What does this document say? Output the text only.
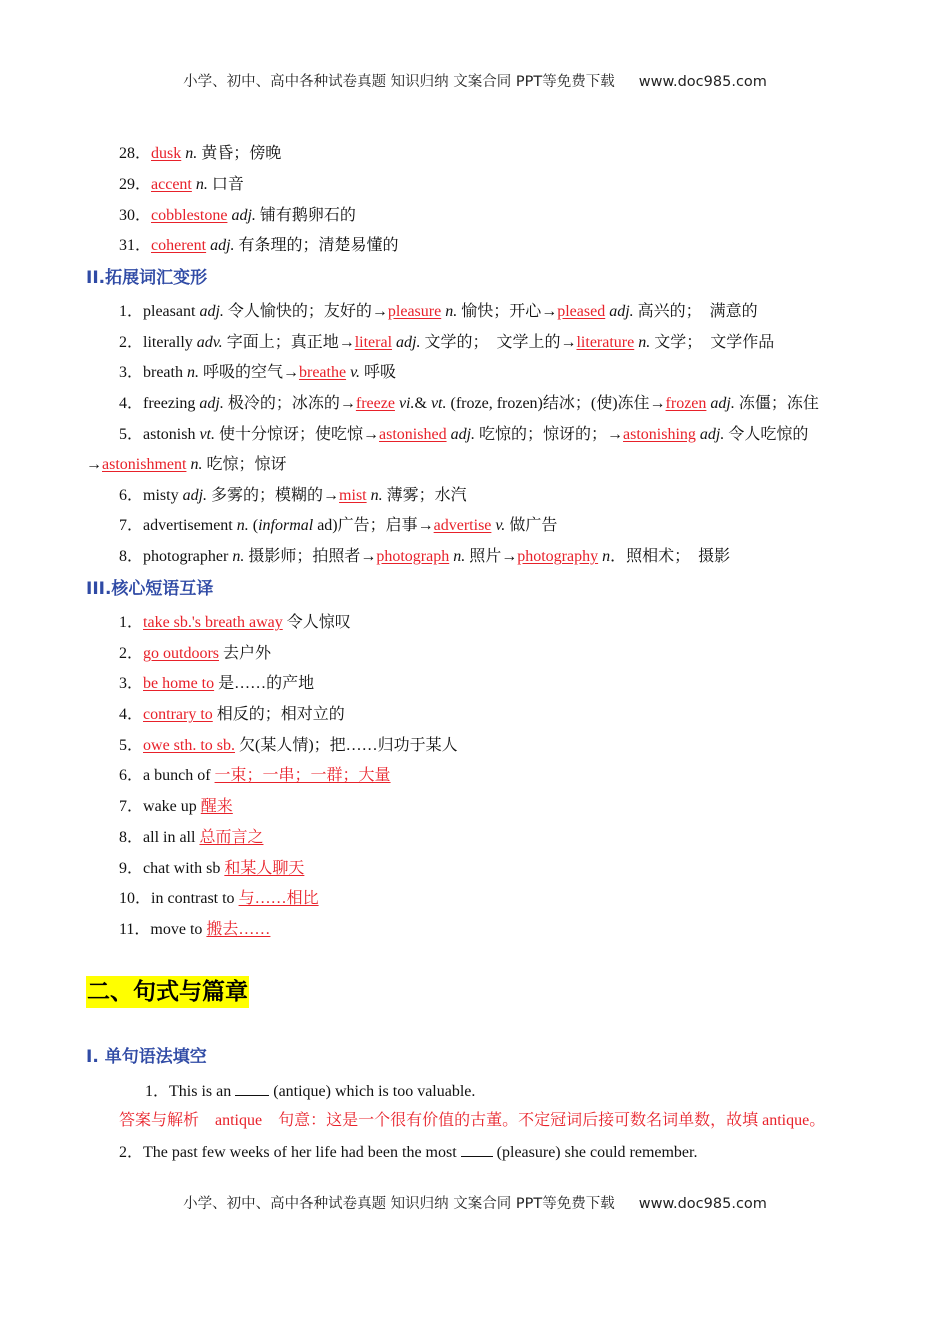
小学、初中、高中各种试卷真题 知识归纳 文案合同 PPT等免费下载 www.doc985.com
28．dusk n. 黄昏；傍晚
29．accent n. 口音
30．cobblestone adj. 铺有鹅卵石的
31．coherent adj. 有条理的；清楚易懂的
II.拓展词汇变形
1．pleasant adj. 令人愉快的；友好的→pleasure n. 愉快；开心→pleased adj. 高兴的；　满意的
2．literally adv. 字面上；真正地→literal adj. 文学的；　文学上的→literature n. 文学；　文学作品
3．breath n. 呼吸的空气→breathe v. 呼吸
4．freezing adj. 极冷的；冰冻的→freeze vi.& vt. (froze, frozen)结冰；(使)冻住→frozen adj. 冻僵；冻住
5．astonish vt. 使十分惊讶；使吃惊→astonished adj. 吃惊的；惊讶的；→astonishing adj. 令人吃惊的
→astonishment n. 吃惊；惊讶
6．misty adj. 多雾的；模糊的→mist n. 薄雾；水汽
7．advertisement n. (informal ad)广告；启事→advertise v. 做广告
8．photographer n. 摄影师；拍照者→photograph n. 照片→photography n．照相术；　摄影
III.核心短语互译
1．take sb.'s breath away 令人惊叹
2．go outdoors 去户外
3．be home to 是……的产地
4．contrary to 相反的；相对立的
5．owe sth. to sb. 欠(某人情)；把……归功于某人
6．a bunch of 一束；一串；一群；大量
7．wake up 醒来
8．all in all 总而言之
9．chat with sb 和某人聊天
10．in contrast to 与……相比
11．move to 搬去……
二、句式与篇章
I. 单句语法填空
1．This is an  (antique) which is too valuable.
答案与解析　antique　句意：这是一个很有价值的古董。不定冠词后接可数名词单数，故填 antique。
2．The past few weeks of her life had been the most  (pleasure) she could remember.
小学、初中、高中各种试卷真题 知识归纳 文案合同 PPT等免费下载 www.doc985.com
